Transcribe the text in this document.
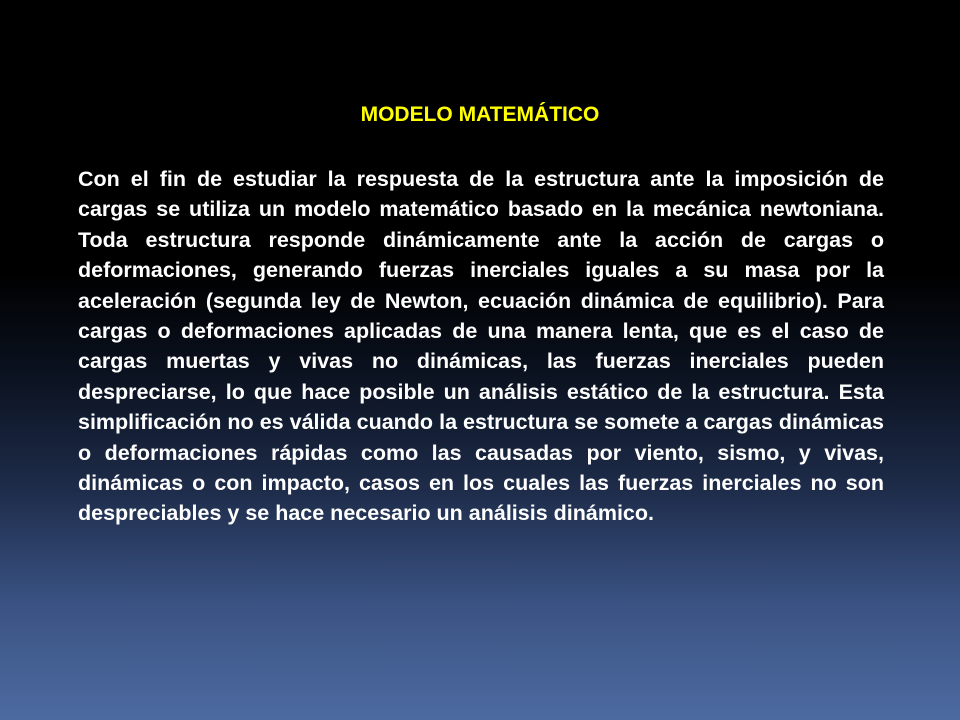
MODELO MATEMÁTICO

Con el fin de estudiar la respuesta de la estructura ante la imposición de cargas se utiliza un modelo matemático basado en la mecánica newtoniana. Toda estructura responde dinámicamente ante la acción de cargas o deformaciones, generando fuerzas inerciales iguales a su masa por la aceleración (segunda ley de Newton, ecuación dinámica de equilibrio). Para cargas o deformaciones aplicadas de una manera lenta, que es el caso de cargas muertas y vivas no dinámicas, las fuerzas inerciales pueden despreciarse, lo que hace posible un análisis estático de la estructura. Esta simplificación no es válida cuando la estructura se somete a cargas dinámicas o deformaciones rápidas como las causadas por viento, sismo, y vivas, dinámicas o con impacto, casos en los cuales las fuerzas inerciales no son despreciables y se hace necesario un análisis dinámico.
